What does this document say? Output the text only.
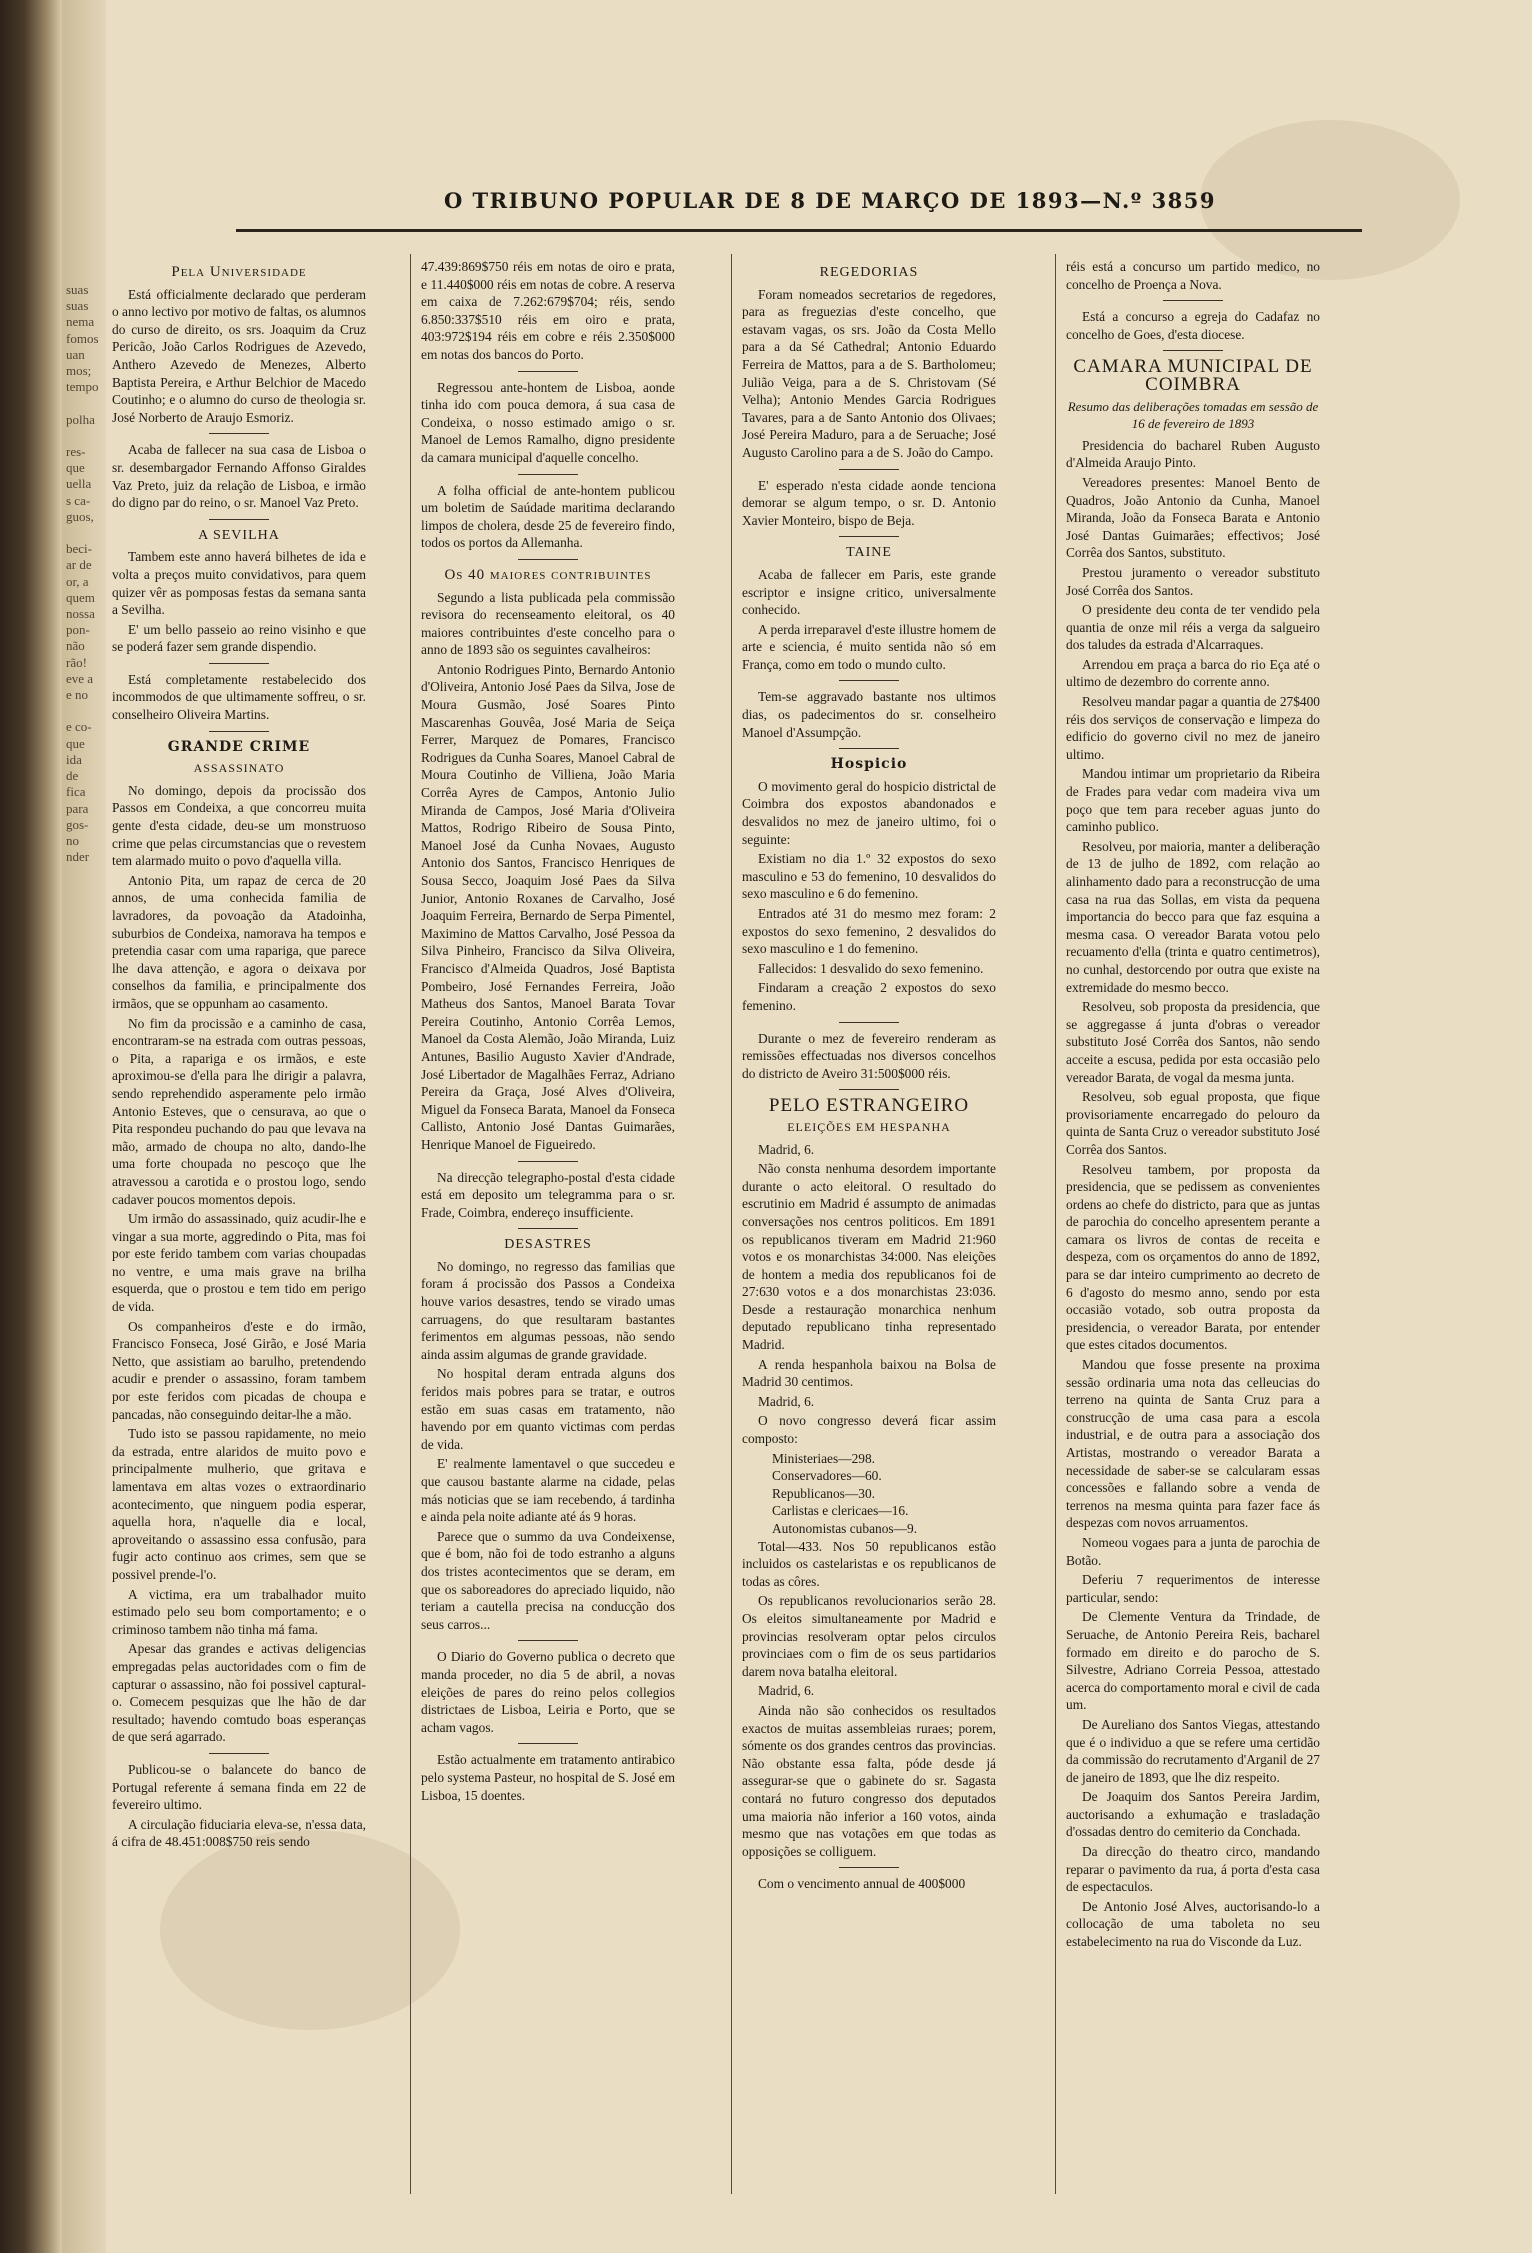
suas
suas
nema
fomos
uan
mos;
tempo

polha

res-
que
uella
s ca-
guos,

beci-
ar de
or, a
quem
nossa
pon-
não
rão!
eve a
e no

e co-
que
ida
de
fica
para
gos-
no
nder
O TRIBUNO POPULAR DE 8 DE MARÇO DE 1893—N.º 3859
Pela Universidade

Está officialmente declarado que perderam o anno lectivo por motivo de faltas, os alumnos do curso de direito, os srs. Joaquim da Cruz Pericão, João Carlos Rodrigues de Azevedo, Anthero Azevedo de Menezes, Alberto Baptista Pereira, e Arthur Belchior de Macedo Coutinho; e o alumno do curso de theologia sr. José Norberto de Araujo Esmoriz.

Acaba de fallecer na sua casa de Lisboa o sr. desembargador Fernando Affonso Giraldes Vaz Preto, juiz da relação de Lisboa, e irmão do digno par do reino, o sr. Manoel Vaz Preto.

A SEVILHA

Tambem este anno haverá bilhetes de ida e volta a preços muito convidativos, para quem quizer vêr as pomposas festas da semana santa a Sevilha.

E' um bello passeio ao reino visinho e que se poderá fazer sem grande dispendio.

Está completamente restabelecido dos incommodos de que ultimamente soffreu, o sr. conselheiro Oliveira Martins.

GRANDE CRIME
ASSASSINATO

No domingo, depois da procissão dos Passos em Condeixa, a que concorreu muita gente d'esta cidade, deu-se um monstruoso crime que pelas circumstancias que o revestem tem alarmado muito o povo d'aquella villa.

Antonio Pita, um rapaz de cerca de 20 annos, de uma conhecida familia de lavradores, da povoação da Atadoinha, suburbios de Condeixa, namorava ha tempos e pretendia casar com uma rapariga, que parece lhe dava attenção, e agora o deixava por conselhos da familia, e principalmente dos irmãos, que se oppunham ao casamento.

No fim da procissão e a caminho de casa, encontraram-se na estrada com outras pessoas, o Pita, a rapariga e os irmãos, e este aproximou-se d'ella para lhe dirigir a palavra, sendo reprehendido asperamente pelo irmão Antonio Esteves, que o censurava, ao que o Pita respondeu puchando do pau que levava na mão, armado de choupa no alto, dando-lhe uma forte choupada no pescoço que lhe atravessou a carotida e o prostou logo, sendo cadaver poucos momentos depois.

Um irmão do assassinado, quiz acudir-lhe e vingar a sua morte, aggredindo o Pita, mas foi por este ferido tambem com varias choupadas no ventre, e uma mais grave na brilha esquerda, que o prostou e tem tido em perigo de vida.

Os companheiros d'este e do irmão, Francisco Fonseca, José Girão, e José Maria Netto, que assistiam ao barulho, pretendendo acudir e prender o assassino, foram tambem por este feridos com picadas de choupa e pancadas, não conseguindo deitar-lhe a mão.

Tudo isto se passou rapidamente, no meio da estrada, entre alaridos de muito povo e principalmente mulherio, que gritava e lamentava em altas vozes o extraordinario acontecimento, que ninguem podia esperar, aquella hora, n'aquelle dia e local, aproveitando o assassino essa confusão, para fugir acto continuo aos crimes, sem que se possivel prende-l'o.

A victima, era um trabalhador muito estimado pelo seu bom comportamento; e o criminoso tambem não tinha má fama.

Apesar das grandes e activas deligencias empregadas pelas auctoridades com o fim de capturar o assassino, não foi possivel captural-o. Comecem pesquizas que lhe hão de dar resultado; havendo comtudo boas esperanças de que será agarrado.

Publicou-se o balancete do banco de Portugal referente á semana finda em 22 de fevereiro ultimo.

A circulação fiduciaria eleva-se, n'essa data, á cifra de 48.451:008$750 reis sendo

47.439:869$750 réis em notas de oiro e prata, e 11.440$000 réis em notas de cobre. A reserva em caixa de 7.262:679$704; réis, sendo 6.850:337$510 réis em oiro e prata, 403:972$194 réis em cobre e réis 2.350$000 em notas dos bancos do Porto.

Regressou ante-hontem de Lisboa, aonde tinha ido com pouca demora, á sua casa de Condeixa, o nosso estimado amigo o sr. Manoel de Lemos Ramalho, digno presidente da camara municipal d'aquelle concelho.

A folha official de ante-hontem publicou um boletim de Saúdade maritima declarando limpos de cholera, desde 25 de fevereiro findo, todos os portos da Allemanha.

Os 40 maiores contribuintes

Segundo a lista publicada pela commissão revisora do recenseamento eleitoral, os 40 maiores contribuintes d'este concelho para o anno de 1893 são os seguintes cavalheiros:

Antonio Rodrigues Pinto, Bernardo Antonio d'Oliveira, Antonio José Paes da Silva, Jose de Moura Gusmão, José Soares Pinto Mascarenhas Gouvêa, José Maria de Seiça Ferrer, Marquez de Pomares, Francisco Rodrigues da Cunha Soares, Manoel Cabral de Moura Coutinho de Villiena, João Maria Corrêa Ayres de Campos, Antonio Julio Miranda de Campos, José Maria d'Oliveira Mattos, Rodrigo Ribeiro de Sousa Pinto, Manoel José da Cunha Novaes, Augusto Antonio dos Santos, Francisco Henriques de Sousa Secco, Joaquim José Paes da Silva Junior, Antonio Roxanes de Carvalho, José Joaquim Ferreira, Bernardo de Serpa Pimentel, Maximino de Mattos Carvalho, José Pessoa da Silva Pinheiro, Francisco da Silva Oliveira, Francisco d'Almeida Quadros, José Baptista Pombeiro, José Fernandes Ferreira, João Matheus dos Santos, Manoel Barata Tovar Pereira Coutinho, Antonio Corrêa Lemos, Manoel da Costa Alemão, João Miranda, Luiz Antunes, Basilio Augusto Xavier d'Andrade, José Libertador de Magalhães Ferraz, Adriano Pereira da Graça, José Alves d'Oliveira, Miguel da Fonseca Barata, Manoel da Fonseca Callisto, Antonio José Dantas Guimarães, Henrique Manoel de Figueiredo.

Na direcção telegrapho-postal d'esta cidade está em deposito um telegramma para o sr. Frade, Coimbra, endereço insufficiente.

DESASTRES

No domingo, no regresso das familias que foram á procissão dos Passos a Condeixa houve varios desastres, tendo se virado umas carruagens, do que resultaram bastantes ferimentos em algumas pessoas, não sendo ainda assim algumas de grande gravidade.

No hospital deram entrada alguns dos feridos mais pobres para se tratar, e outros estão em suas casas em tratamento, não havendo por em quanto victimas com perdas de vida.

E' realmente lamentavel o que succedeu e que causou bastante alarme na cidade, pelas más noticias que se iam recebendo, á tardinha e ainda pela noite adiante até ás 9 horas.

Parece que o summo da uva Condeixense, que é bom, não foi de todo estranho a alguns dos tristes acontecimentos que se deram, em que os saboreadores do apreciado liquido, não teriam a cautella precisa na conducção dos seus carros...

O Diario do Governo publica o decreto que manda proceder, no dia 5 de abril, a novas eleições de pares do reino pelos collegios districtaes de Lisboa, Leiria e Porto, que se acham vagos.

Estão actualmente em tratamento antirabico pelo systema Pasteur, no hospital de S. José em Lisboa, 15 doentes.

REGEDORIAS

Foram nomeados secretarios de regedores, para as freguezias d'este concelho, que estavam vagas, os srs. João da Costa Mello para a da Sé Cathedral; Antonio Eduardo Ferreira de Mattos, para a de S. Bartholomeu; Julião Veiga, para a de S. Christovam (Sé Velha); Antonio Mendes Garcia Rodrigues Tavares, para a de Santo Antonio dos Olivaes; José Pereira Maduro, para a de Seruache; José Augusto Carolino para a de S. João do Campo.

E' esperado n'esta cidade aonde tenciona demorar se algum tempo, o sr. D. Antonio Xavier Monteiro, bispo de Beja.

TAINE

Acaba de fallecer em Paris, este grande escriptor e insigne critico, universalmente conhecido.

A perda irreparavel d'este illustre homem de arte e sciencia, é muito sentida não só em França, como em todo o mundo culto.

Tem-se aggravado bastante nos ultimos dias, os padecimentos do sr. conselheiro Manoel d'Assumpção.

Hospicio

O movimento geral do hospicio districtal de Coimbra dos expostos abandonados e desvalidos no mez de janeiro ultimo, foi o seguinte:

Existiam no dia 1.º 32 expostos do sexo masculino e 53 do femenino, 10 desvalidos do sexo masculino e 6 do femenino.

Entrados até 31 do mesmo mez foram: 2 expostos do sexo femenino, 2 desvalidos do sexo masculino e 1 do femenino.

Fallecidos: 1 desvalido do sexo femenino.

Findaram a creação 2 expostos do sexo femenino.

Durante o mez de fevereiro renderam as remissões effectuadas nos diversos concelhos do districto de Aveiro 31:500$000 réis.

PELO ESTRANGEIRO
ELEIÇÕES EM HESPANHA

Madrid, 6.

Não consta nenhuma desordem importante durante o acto eleitoral. O resultado do escrutinio em Madrid é assumpto de animadas conversações nos centros politicos. Em 1891 os republicanos tiveram em Madrid 21:960 votos e os monarchistas 34:000. Nas eleições de hontem a media dos republicanos foi de 27:630 votos e a dos monarchistas 23:036. Desde a restauração monarchica nenhum deputado republicano tinha representado Madrid.

A renda hespanhola baixou na Bolsa de Madrid 30 centimos.

Madrid, 6.

O novo congresso deverá ficar assim composto:

Ministeriaes—298.
Conservadores—60.
Republicanos—30.
Carlistas e clericaes—16.
Autonomistas cubanos—9.

Total—433. Nos 50 republicanos estão incluidos os castelaristas e os republicanos de todas as côres.

Os republicanos revolucionarios serão 28. Os eleitos simultaneamente por Madrid e provincias resolveram optar pelos circulos provinciaes com o fim de os seus partidarios darem nova batalha eleitoral.

Madrid, 6.

Ainda não são conhecidos os resultados exactos de muitas assembleias ruraes; porem, sómente os dos grandes centros das provincias. Não obstante essa falta, póde desde já assegurar-se que o gabinete do sr. Sagasta contará no futuro congresso dos deputados uma maioria não inferior a 160 votos, ainda mesmo que nas votações em que todas as opposições se colliguem.

Com o vencimento annual de 400$000

réis está a concurso um partido medico, no concelho de Proença a Nova.

Está a concurso a egreja do Cadafaz no concelho de Goes, d'esta diocese.

CAMARA MUNICIPAL DE COIMBRA
Resumo das deliberações tomadas em sessão de 16 de fevereiro de 1893

Presidencia do bacharel Ruben Augusto d'Almeida Araujo Pinto.

Vereadores presentes: Manoel Bento de Quadros, João Antonio da Cunha, Manoel Miranda, João da Fonseca Barata e Antonio José Dantas Guimarães; effectivos; José Corrêa dos Santos, substituto.

Prestou juramento o vereador substituto José Corrêa dos Santos.

O presidente deu conta de ter vendido pela quantia de onze mil réis a verga da salgueiro dos taludes da estrada d'Alcarraques.

Arrendou em praça a barca do rio Eça até o ultimo de dezembro do corrente anno.

Resolveu mandar pagar a quantia de 27$400 réis dos serviços de conservação e limpeza do edificio do governo civil no mez de janeiro ultimo.

Mandou intimar um proprietario da Ribeira de Frades para vedar com madeira viva um poço que tem para receber aguas junto do caminho publico.

Resolveu, por maioria, manter a deliberação de 13 de julho de 1892, com relação ao alinhamento dado para a reconstrucção de uma casa na rua das Sollas, em vista da pequena importancia do becco para que faz esquina a mesma casa. O vereador Barata votou pelo recuamento d'ella (trinta e quatro centimetros), no cunhal, destorcendo por outra que existe na extremidade do mesmo becco.

Resolveu, sob proposta da presidencia, que se aggregasse á junta d'obras o vereador substituto José Corrêa dos Santos, não sendo acceite a escusa, pedida por esta occasião pelo vereador Barata, de vogal da mesma junta.

Resolveu, sob egual proposta, que fique provisoriamente encarregado do pelouro da quinta de Santa Cruz o vereador substituto José Corrêa dos Santos.

Resolveu tambem, por proposta da presidencia, que se pedissem as convenientes ordens ao chefe do districto, para que as juntas de parochia do concelho apresentem perante a camara os livros de contas de receita e despeza, com os orçamentos do anno de 1892, para se dar inteiro cumprimento ao decreto de 6 d'agosto do mesmo anno, sendo por esta occasião votado, sob outra proposta da presidencia, o vereador Barata, por entender que estes citados documentos.

Mandou que fosse presente na proxima sessão ordinaria uma nota das celleucias do terreno na quinta de Santa Cruz para a construcção de uma casa para a escola industrial, e de outra para a associação dos Artistas, mostrando o vereador Barata a necessidade de saber-se se calcularam essas concessões e fallando sobre a venda de terrenos na mesma quinta para fazer face ás despezas com novos arruamentos.

Nomeou vogaes para a junta de parochia de Botão.

Deferiu 7 requerimentos de interesse particular, sendo:

De Clemente Ventura da Trindade, de Seruache, de Antonio Pereira Reis, bacharel formado em direito e do parocho de S. Silvestre, Adriano Correia Pessoa, attestado acerca do comportamento moral e civil de cada um.

De Aureliano dos Santos Viegas, attestando que é o individuo a que se refere uma certidão da commissão do recrutamento d'Arganil de 27 de janeiro de 1893, que lhe diz respeito.

De Joaquim dos Santos Pereira Jardim, auctorisando a exhumação e trasladação d'ossadas dentro do cemiterio da Conchada.

Da direcção do theatro circo, mandando reparar o pavimento da rua, á porta d'esta casa de espectaculos.

De Antonio José Alves, auctorisando-lo a collocação de uma taboleta no seu estabelecimento na rua do Visconde da Luz.
